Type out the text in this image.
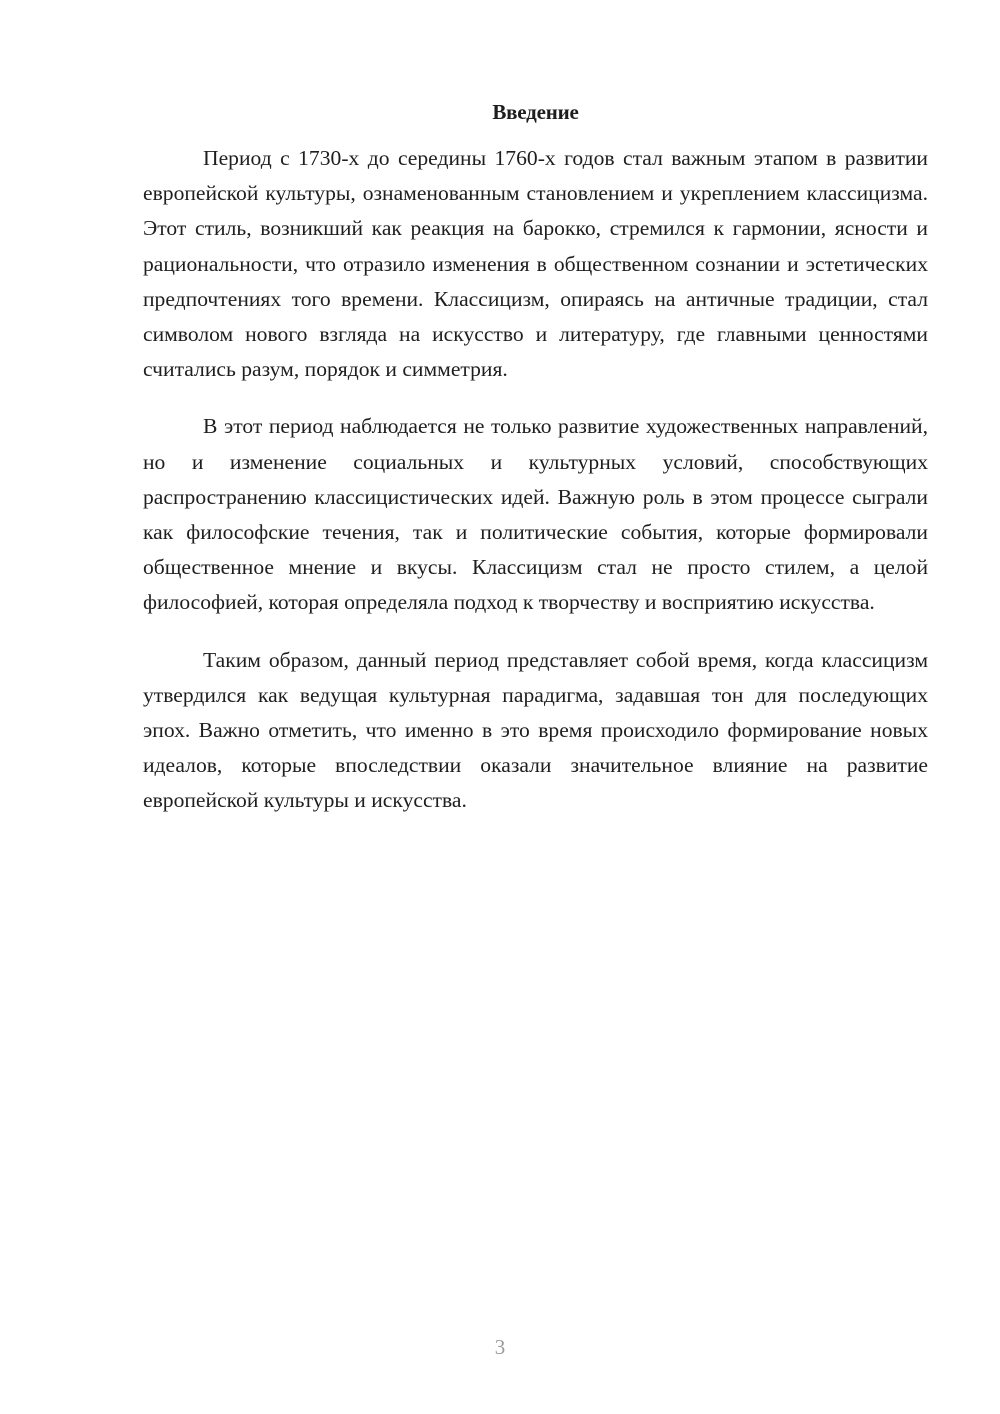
Введение

Период с 1730-х до середины 1760-х годов стал важным этапом в развитии европейской культуры, ознаменованным становлением и укреплением классицизма. Этот стиль, возникший как реакция на барокко, стремился к гармонии, ясности и рациональности, что отразило изменения в общественном сознании и эстетических предпочтениях того времени. Классицизм, опираясь на античные традиции, стал символом нового взгляда на искусство и литературу, где главными ценностями считались разум, порядок и симметрия.

В этот период наблюдается не только развитие художественных направлений, но и изменение социальных и культурных условий, способствующих распространению классицистических идей. Важную роль в этом процессе сыграли как философские течения, так и политические события, которые формировали общественное мнение и вкусы. Классицизм стал не просто стилем, а целой философией, которая определяла подход к творчеству и восприятию искусства.

Таким образом, данный период представляет собой время, когда классицизм утвердился как ведущая культурная парадигма, задавшая тон для последующих эпох. Важно отметить, что именно в это время происходило формирование новых идеалов, которые впоследствии оказали значительное влияние на развитие европейской культуры и искусства.

3
